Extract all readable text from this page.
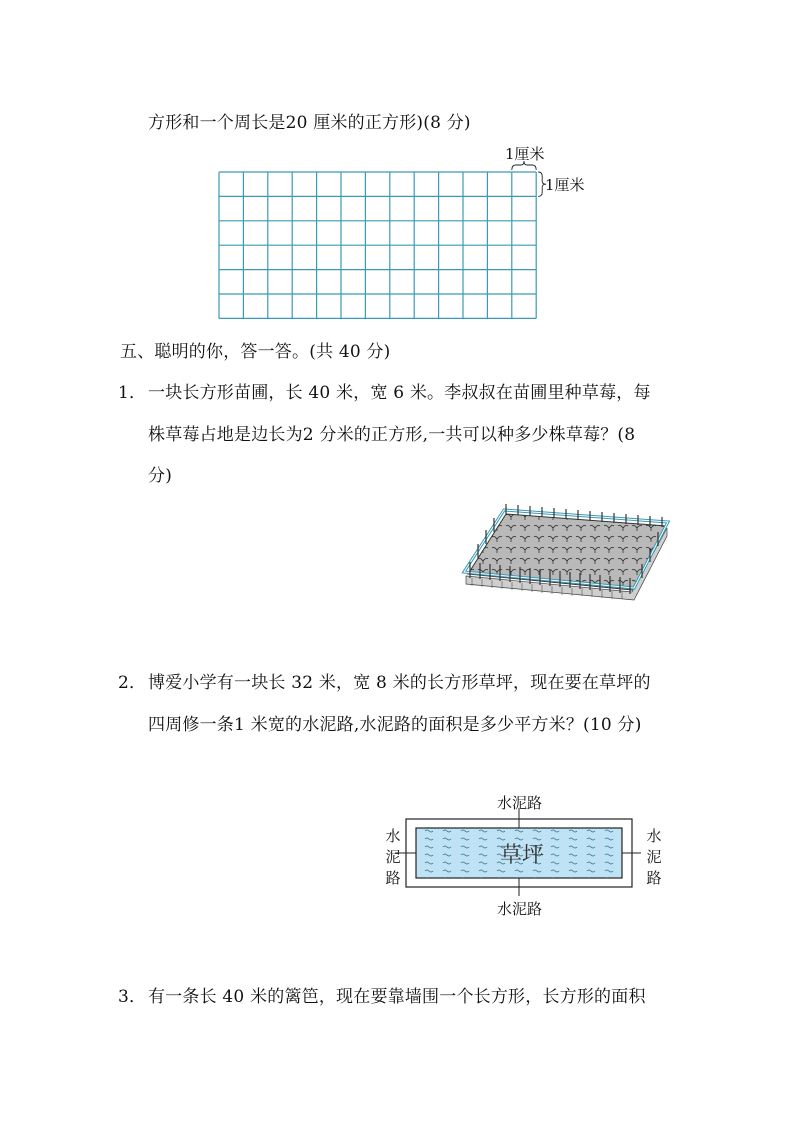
方形和一个周长是20 厘米的正方形)(8 分)
1厘米
1厘米
五、聪明的你，答一答。(共 40 分)
1． 一块长方形苗圃，长 40 米，宽 6 米。李叔叔在苗圃里种草莓，每
株草莓占地是边长为2 分米的正方形,一共可以种多少株草莓？(8
分)
2． 博爱小学有一块长 32 米，宽 8 米的长方形草坪，现在要在草坪的
四周修一条1 米宽的水泥路,水泥路的面积是多少平方米？(10 分)
水泥路
水泥路
草坪
水
泥
路
水
泥
路
3． 有一条长 40 米的篱笆，现在要靠墙围一个长方形，长方形的面积
